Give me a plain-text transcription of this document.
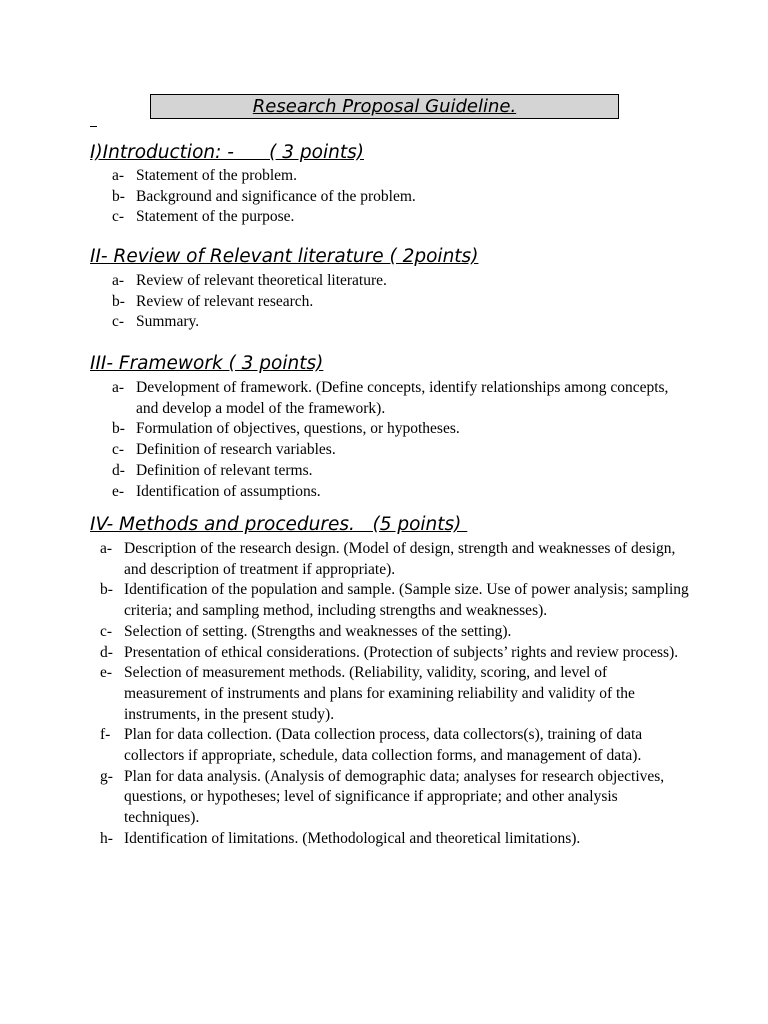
Research Proposal Guideline.
I)Introduction: -      ( 3 points)
a- Statement of the problem.
b- Background and significance of the problem.
c- Statement of the purpose.
II- Review of Relevant literature ( 2points)
a- Review of relevant theoretical literature.
b- Review of relevant research.
c- Summary.
III- Framework ( 3 points)
a- Development of framework. (Define concepts, identify relationships among concepts, and develop a model of the framework).
b- Formulation of objectives, questions, or hypotheses.
c- Definition of research variables.
d- Definition of relevant terms.
e- Identification of assumptions.
IV- Methods and procedures.   (5 points)
a- Description of the research design. (Model of design, strength and weaknesses of design, and description of treatment if appropriate).
b- Identification of the population and sample. (Sample size. Use of power analysis; sampling criteria; and sampling method, including strengths and weaknesses).
c- Selection of setting. (Strengths and weaknesses of the setting).
d- Presentation of ethical considerations. (Protection of subjects’ rights and review process).
e- Selection of measurement methods. (Reliability, validity, scoring, and level of measurement of instruments and plans for examining reliability and validity of the instruments, in the present study).
f- Plan for data collection. (Data collection process, data collectors(s), training of data collectors if appropriate, schedule, data collection forms, and management of data).
g- Plan for data analysis. (Analysis of demographic data; analyses for research objectives, questions, or hypotheses; level of significance if appropriate; and other analysis techniques).
h- Identification of limitations. (Methodological and theoretical limitations).
